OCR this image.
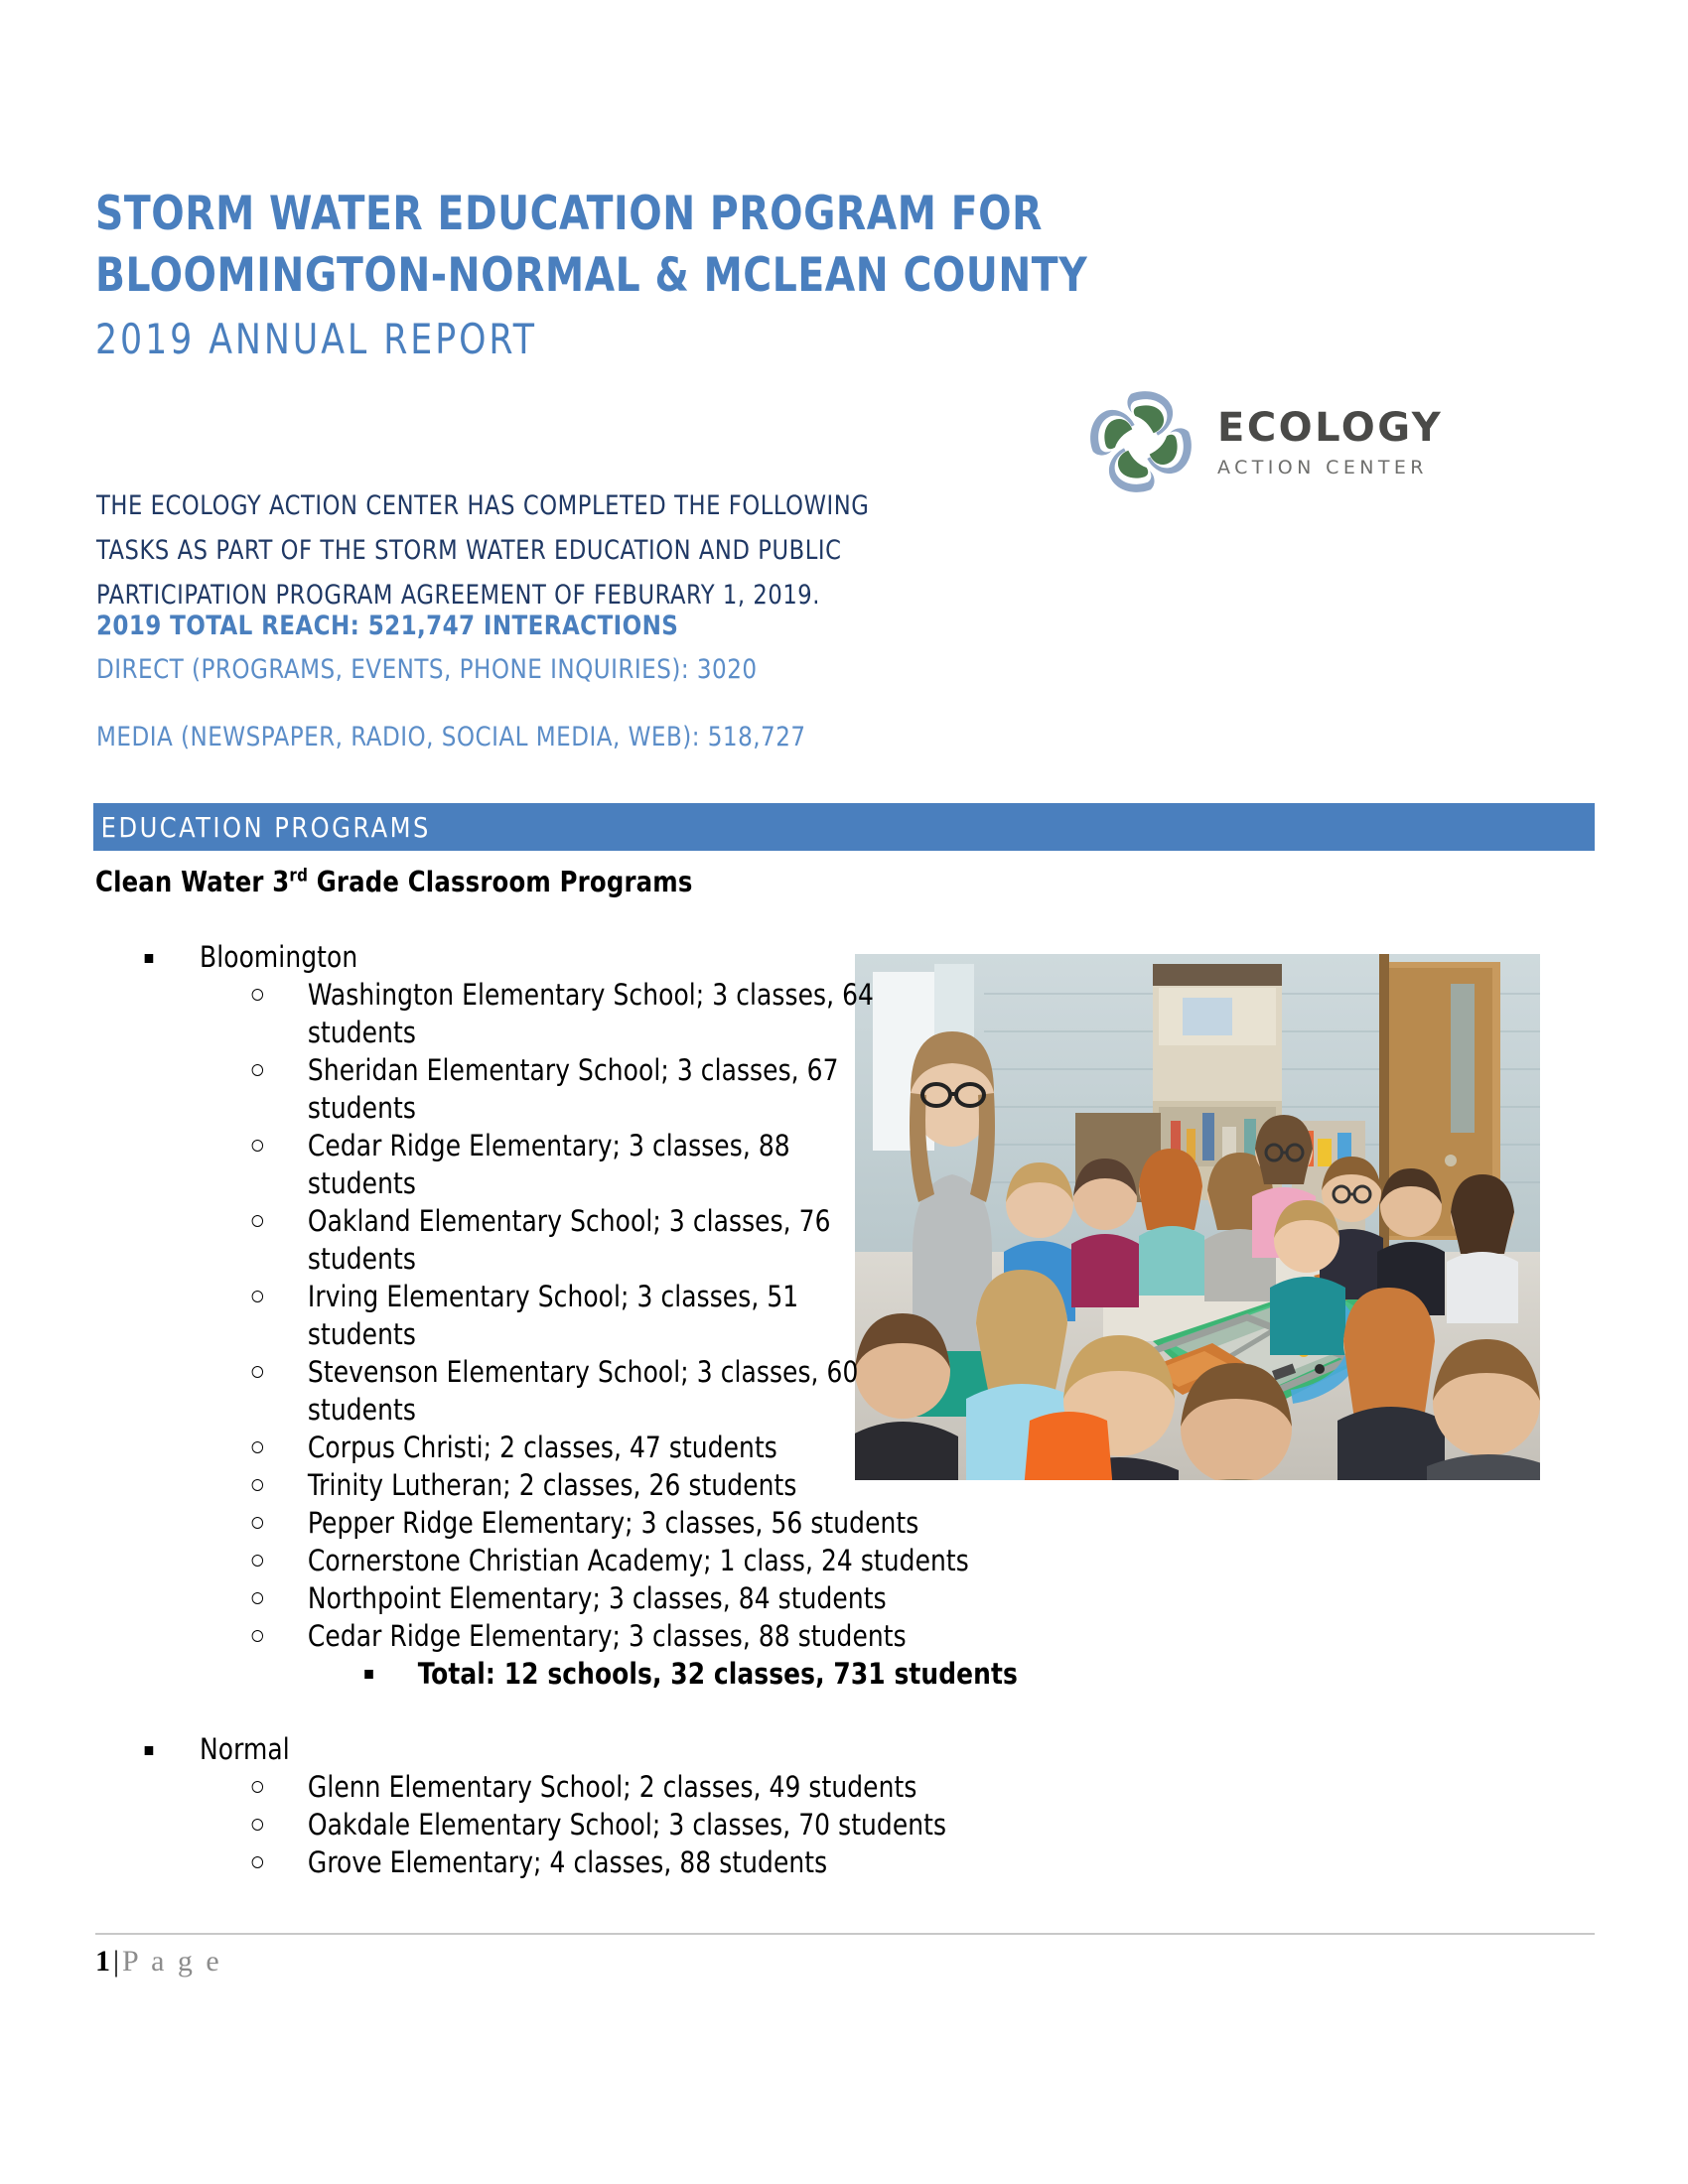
STORM WATER EDUCATION PROGRAM FOR
BLOOMINGTON-NORMAL & MCLEAN COUNTY
2019 ANNUAL REPORT
ECOLOGY
ACTION CENTER
THE ECOLOGY ACTION CENTER HAS COMPLETED THE FOLLOWING
TASKS AS PART OF THE STORM WATER EDUCATION AND PUBLIC
PARTICIPATION PROGRAM AGREEMENT OF FEBURARY 1, 2019.
2019 TOTAL REACH: 521,747 INTERACTIONS
DIRECT (PROGRAMS, EVENTS, PHONE INQUIRIES): 3020
MEDIA (NEWSPAPER, RADIO, SOCIAL MEDIA, WEB): 518,727
EDUCATION PROGRAMS
Clean Water 3rd Grade Classroom Programs
Bloomington
Washington Elementary School; 3 classes, 64 students
Sheridan Elementary School; 3 classes, 67 students
Cedar Ridge Elementary; 3 classes, 88 students
Oakland Elementary School; 3 classes, 76 students
Irving Elementary School; 3 classes, 51 students
Stevenson Elementary School; 3 classes, 60 students
Corpus Christi; 2 classes, 47 students
Trinity Lutheran; 2 classes, 26 students
Pepper Ridge Elementary; 3 classes, 56 students
Cornerstone Christian Academy; 1 class, 24 students
Northpoint Elementary; 3 classes, 84 students
Cedar Ridge Elementary; 3 classes, 88 students
Total: 12 schools, 32 classes, 731 students
Normal
Glenn Elementary School; 2 classes, 49 students
Oakdale Elementary School; 3 classes, 70 students
Grove Elementary; 4 classes, 88 students
1|P a g e
